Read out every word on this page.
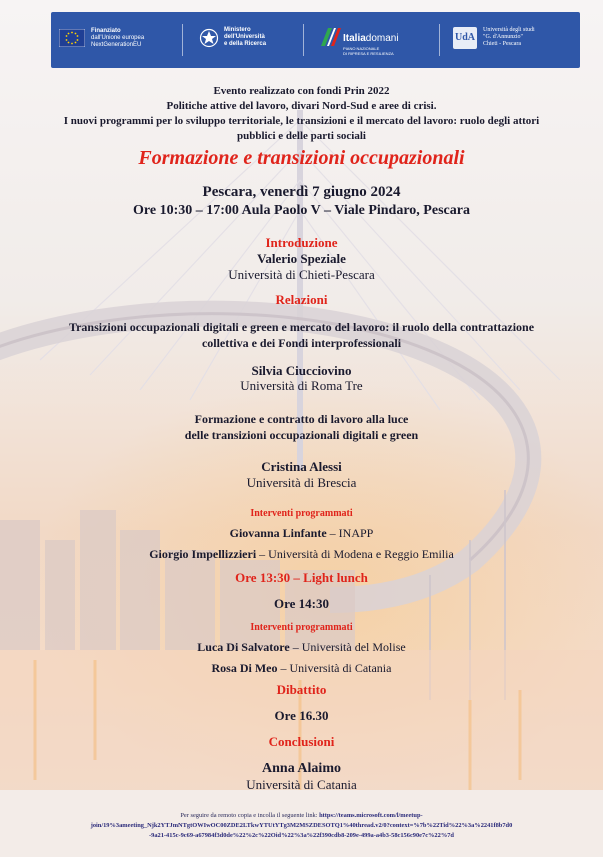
Finanziato
dall'Unione europea
NextGenerationEU
Ministero
dell'Università
e della Ricerca	Italiadomani
PIANO NAZIONALE
DI RIPRESA E RESILIENZA
UdA
Università degli studi
"G. d'Annunzio"
Chieti - Pescara
Evento realizzato con fondi Prin 2022
Politiche attive del lavoro, divari Nord-Sud e aree di crisi.
I nuovi programmi per lo sviluppo territoriale, le transizioni e il mercato del lavoro: ruolo degli attori
pubblici e delle parti sociali
Formazione e transizioni occupazionali
Pescara, venerdì 7 giugno 2024
Ore 10:30 – 17:00 Aula Paolo V – Viale Pindaro, Pescara
Introduzione
Valerio Speziale
Università di Chieti-Pescara
Relazioni
Transizioni occupazionali digitali e green e mercato del lavoro: il ruolo della contrattazione
collettiva e dei Fondi interprofessionali
Silvia Ciucciovino
Università di Roma Tre
Formazione e contratto di lavoro alla luce
delle transizioni occupazionali digitali e green
Cristina Alessi
Università di Brescia
Interventi programmati
Giovanna Linfante – INAPP
Giorgio Impellizzieri – Università di Modena e Reggio Emilia
Ore 13:30 – Light lunch
Ore 14:30
Interventi programmati
Luca Di Salvatore – Università del Molise
Rosa Di Meo – Università di Catania
Dibattito
Ore 16.30
Conclusioni
Anna Alaimo
Università di Catania
Per seguire da remoto copia e incolla il seguente link: https://teams.microsoft.com/l/meetup-
join/19%3ameeting_Njk2YTJmNTgtOWIwOC00ZDE2LTkwYTUtYTg3M2MSZDESOTQ1%40thread.v2/0?context=%7b%22Tid%22%3a%2241f8b7d0
-9a21-415c-9c69-a67984f3d0de%22%2c%22Oid%22%3a%22f390cdb8-209e-499a-a4b3-58c156c90e7c%22%7d
